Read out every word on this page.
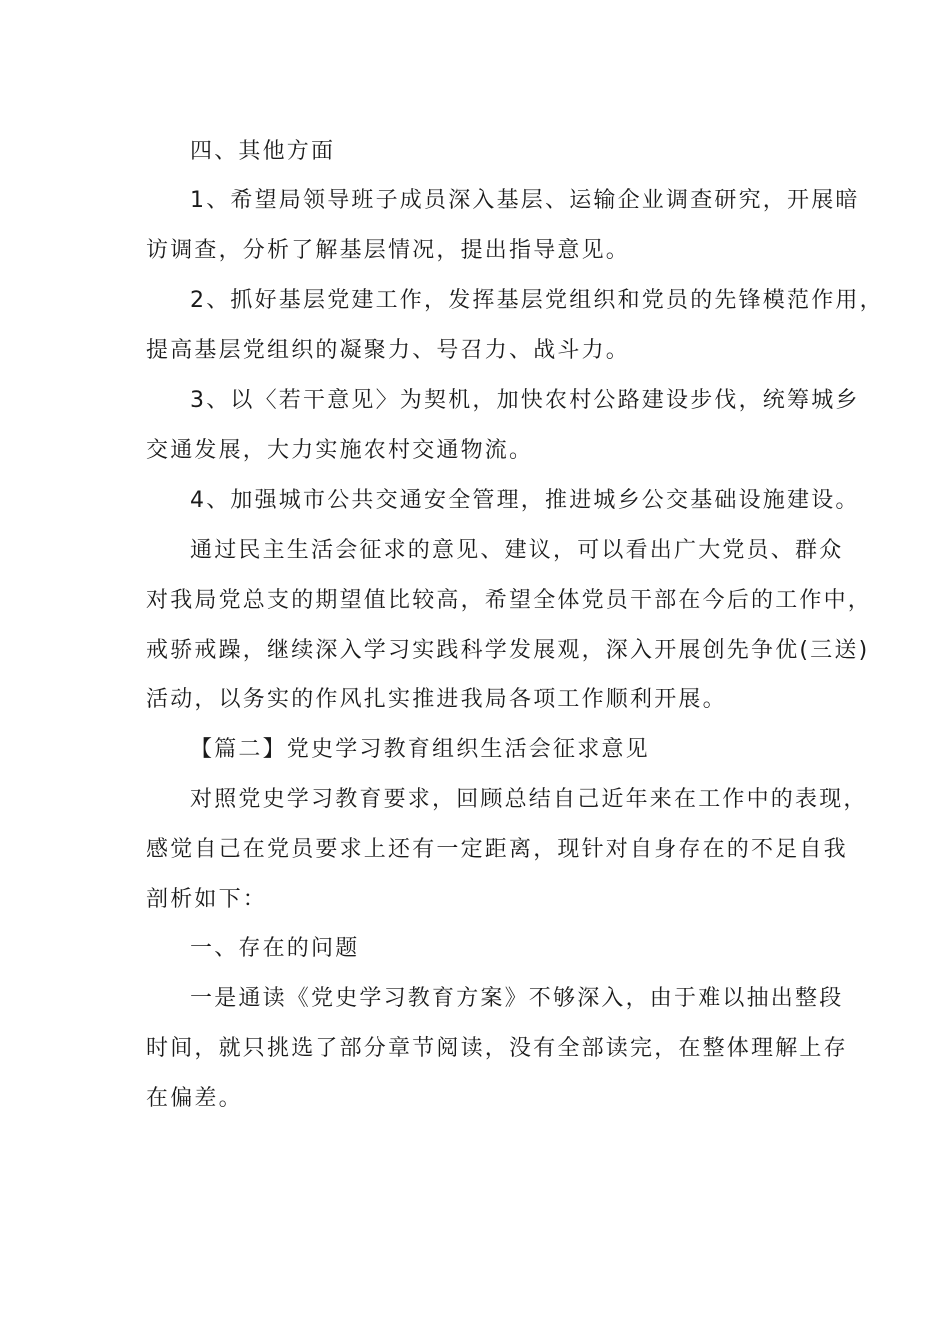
四、其他方面
1、希望局领导班子成员深入基层、运输企业调查研究，开展暗
访调查，分析了解基层情况，提出指导意见。
2、抓好基层党建工作，发挥基层党组织和党员的先锋模范作用，
提高基层党组织的凝聚力、号召力、战斗力。
3、以〈若干意见〉为契机，加快农村公路建设步伐，统筹城乡
交通发展，大力实施农村交通物流。
4、加强城市公共交通安全管理，推进城乡公交基础设施建设。
通过民主生活会征求的意见、建议，可以看出广大党员、群众
对我局党总支的期望值比较高，希望全体党员干部在今后的工作中，
戒骄戒躁，继续深入学习实践科学发展观，深入开展创先争优(三送)
活动，以务实的作风扎实推进我局各项工作顺利开展。
【篇二】党史学习教育组织生活会征求意见
对照党史学习教育要求，回顾总结自己近年来在工作中的表现，
感觉自己在党员要求上还有一定距离，现针对自身存在的不足自我
剖析如下：
一、存在的问题
一是通读《党史学习教育方案》不够深入，由于难以抽出整段
时间，就只挑选了部分章节阅读，没有全部读完，在整体理解上存
在偏差。
